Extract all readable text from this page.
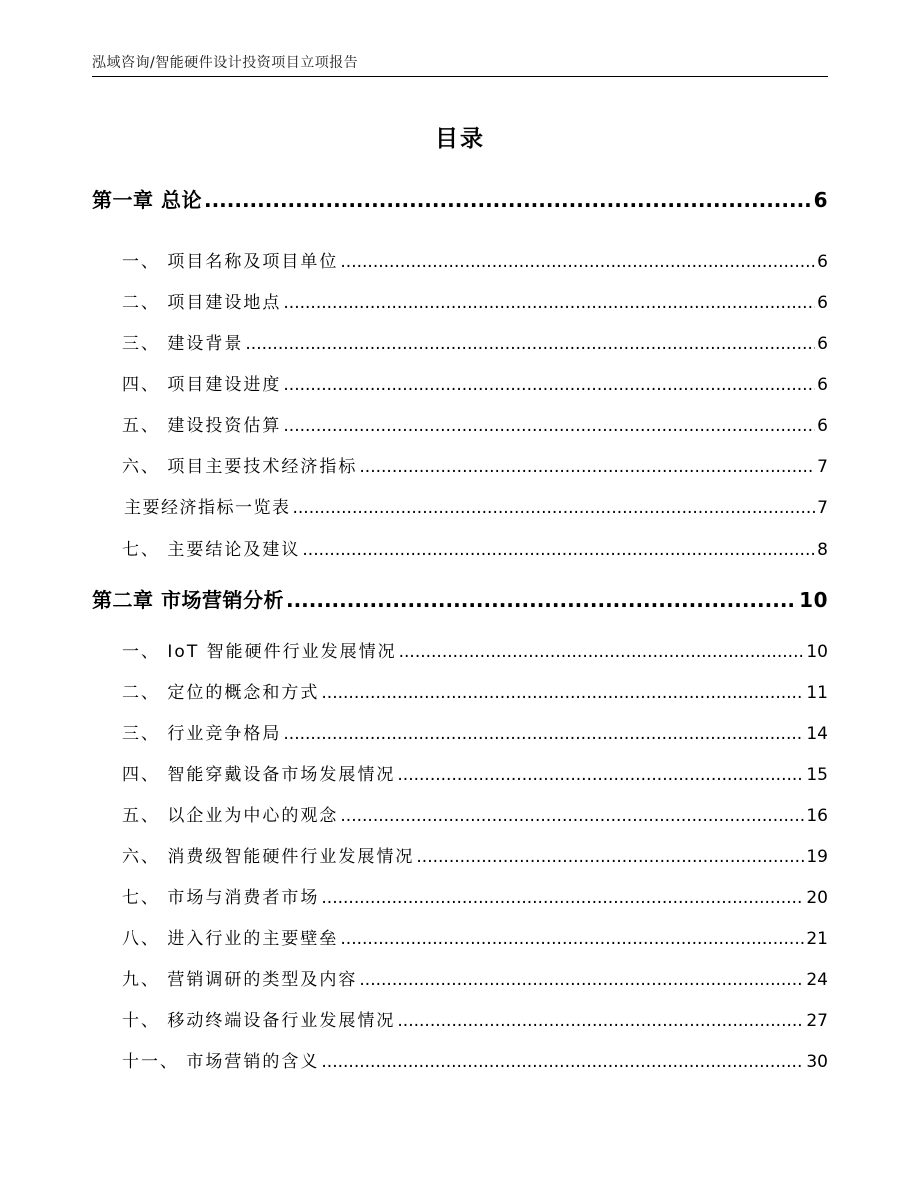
泓域咨询/智能硬件设计投资项目立项报告
目录
第一章 总论 .....	6
一、 项目名称及项目单位 .....	6
二、 项目建设地点 .....	6
三、 建设背景 .....	6
四、 项目建设进度 .....	6
五、 建设投资估算 .....	6
六、 项目主要技术经济指标 .....	7
主要经济指标一览表 .....	7
七、 主要结论及建议 .....	8
第二章 市场营销分析 .....	10
一、 IoT 智能硬件行业发展情况 .....	10
二、 定位的概念和方式 .....	11
三、 行业竞争格局 .....	14
四、 智能穿戴设备市场发展情况 .....	15
五、 以企业为中心的观念 .....	16
六、 消费级智能硬件行业发展情况 .....	19
七、 市场与消费者市场 .....	20
八、 进入行业的主要壁垒 .....	21
九、 营销调研的类型及内容 .....	24
十、 移动终端设备行业发展情况 .....	27
十一、 市场营销的含义 .....	30
